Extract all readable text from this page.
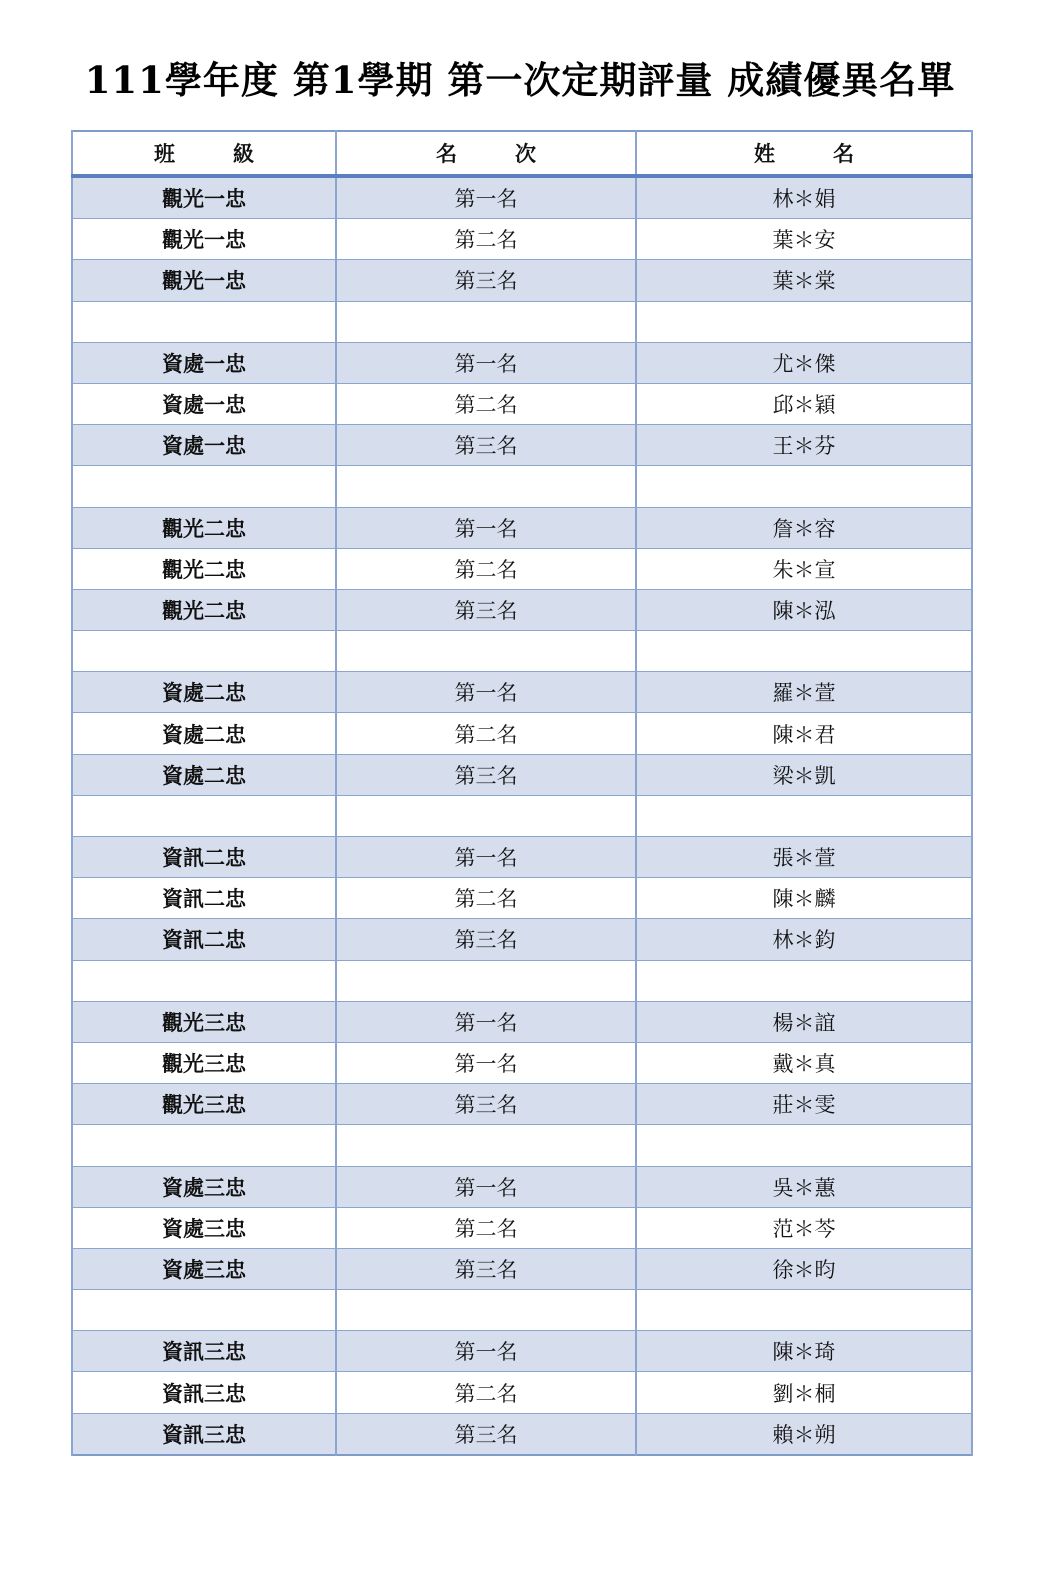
111學年度 第1學期 第一次定期評量 成績優異名單
班 級	名 次	姓 名
觀光一忠	第一名	林＊娟
觀光一忠	第二名	葉＊安
觀光一忠	第三名	葉＊棠

資處一忠	第一名	尤＊傑
資處一忠	第二名	邱＊穎
資處一忠	第三名	王＊芬

觀光二忠	第一名	詹＊容
觀光二忠	第二名	朱＊宣
觀光二忠	第三名	陳＊泓

資處二忠	第一名	羅＊萱
資處二忠	第二名	陳＊君
資處二忠	第三名	梁＊凱

資訊二忠	第一名	張＊萱
資訊二忠	第二名	陳＊麟
資訊二忠	第三名	林＊鈞

觀光三忠	第一名	楊＊誼
觀光三忠	第一名	戴＊真
觀光三忠	第三名	莊＊雯

資處三忠	第一名	吳＊蕙
資處三忠	第二名	范＊芩
資處三忠	第三名	徐＊昀

資訊三忠	第一名	陳＊琦
資訊三忠	第二名	劉＊桐
資訊三忠	第三名	賴＊朔
